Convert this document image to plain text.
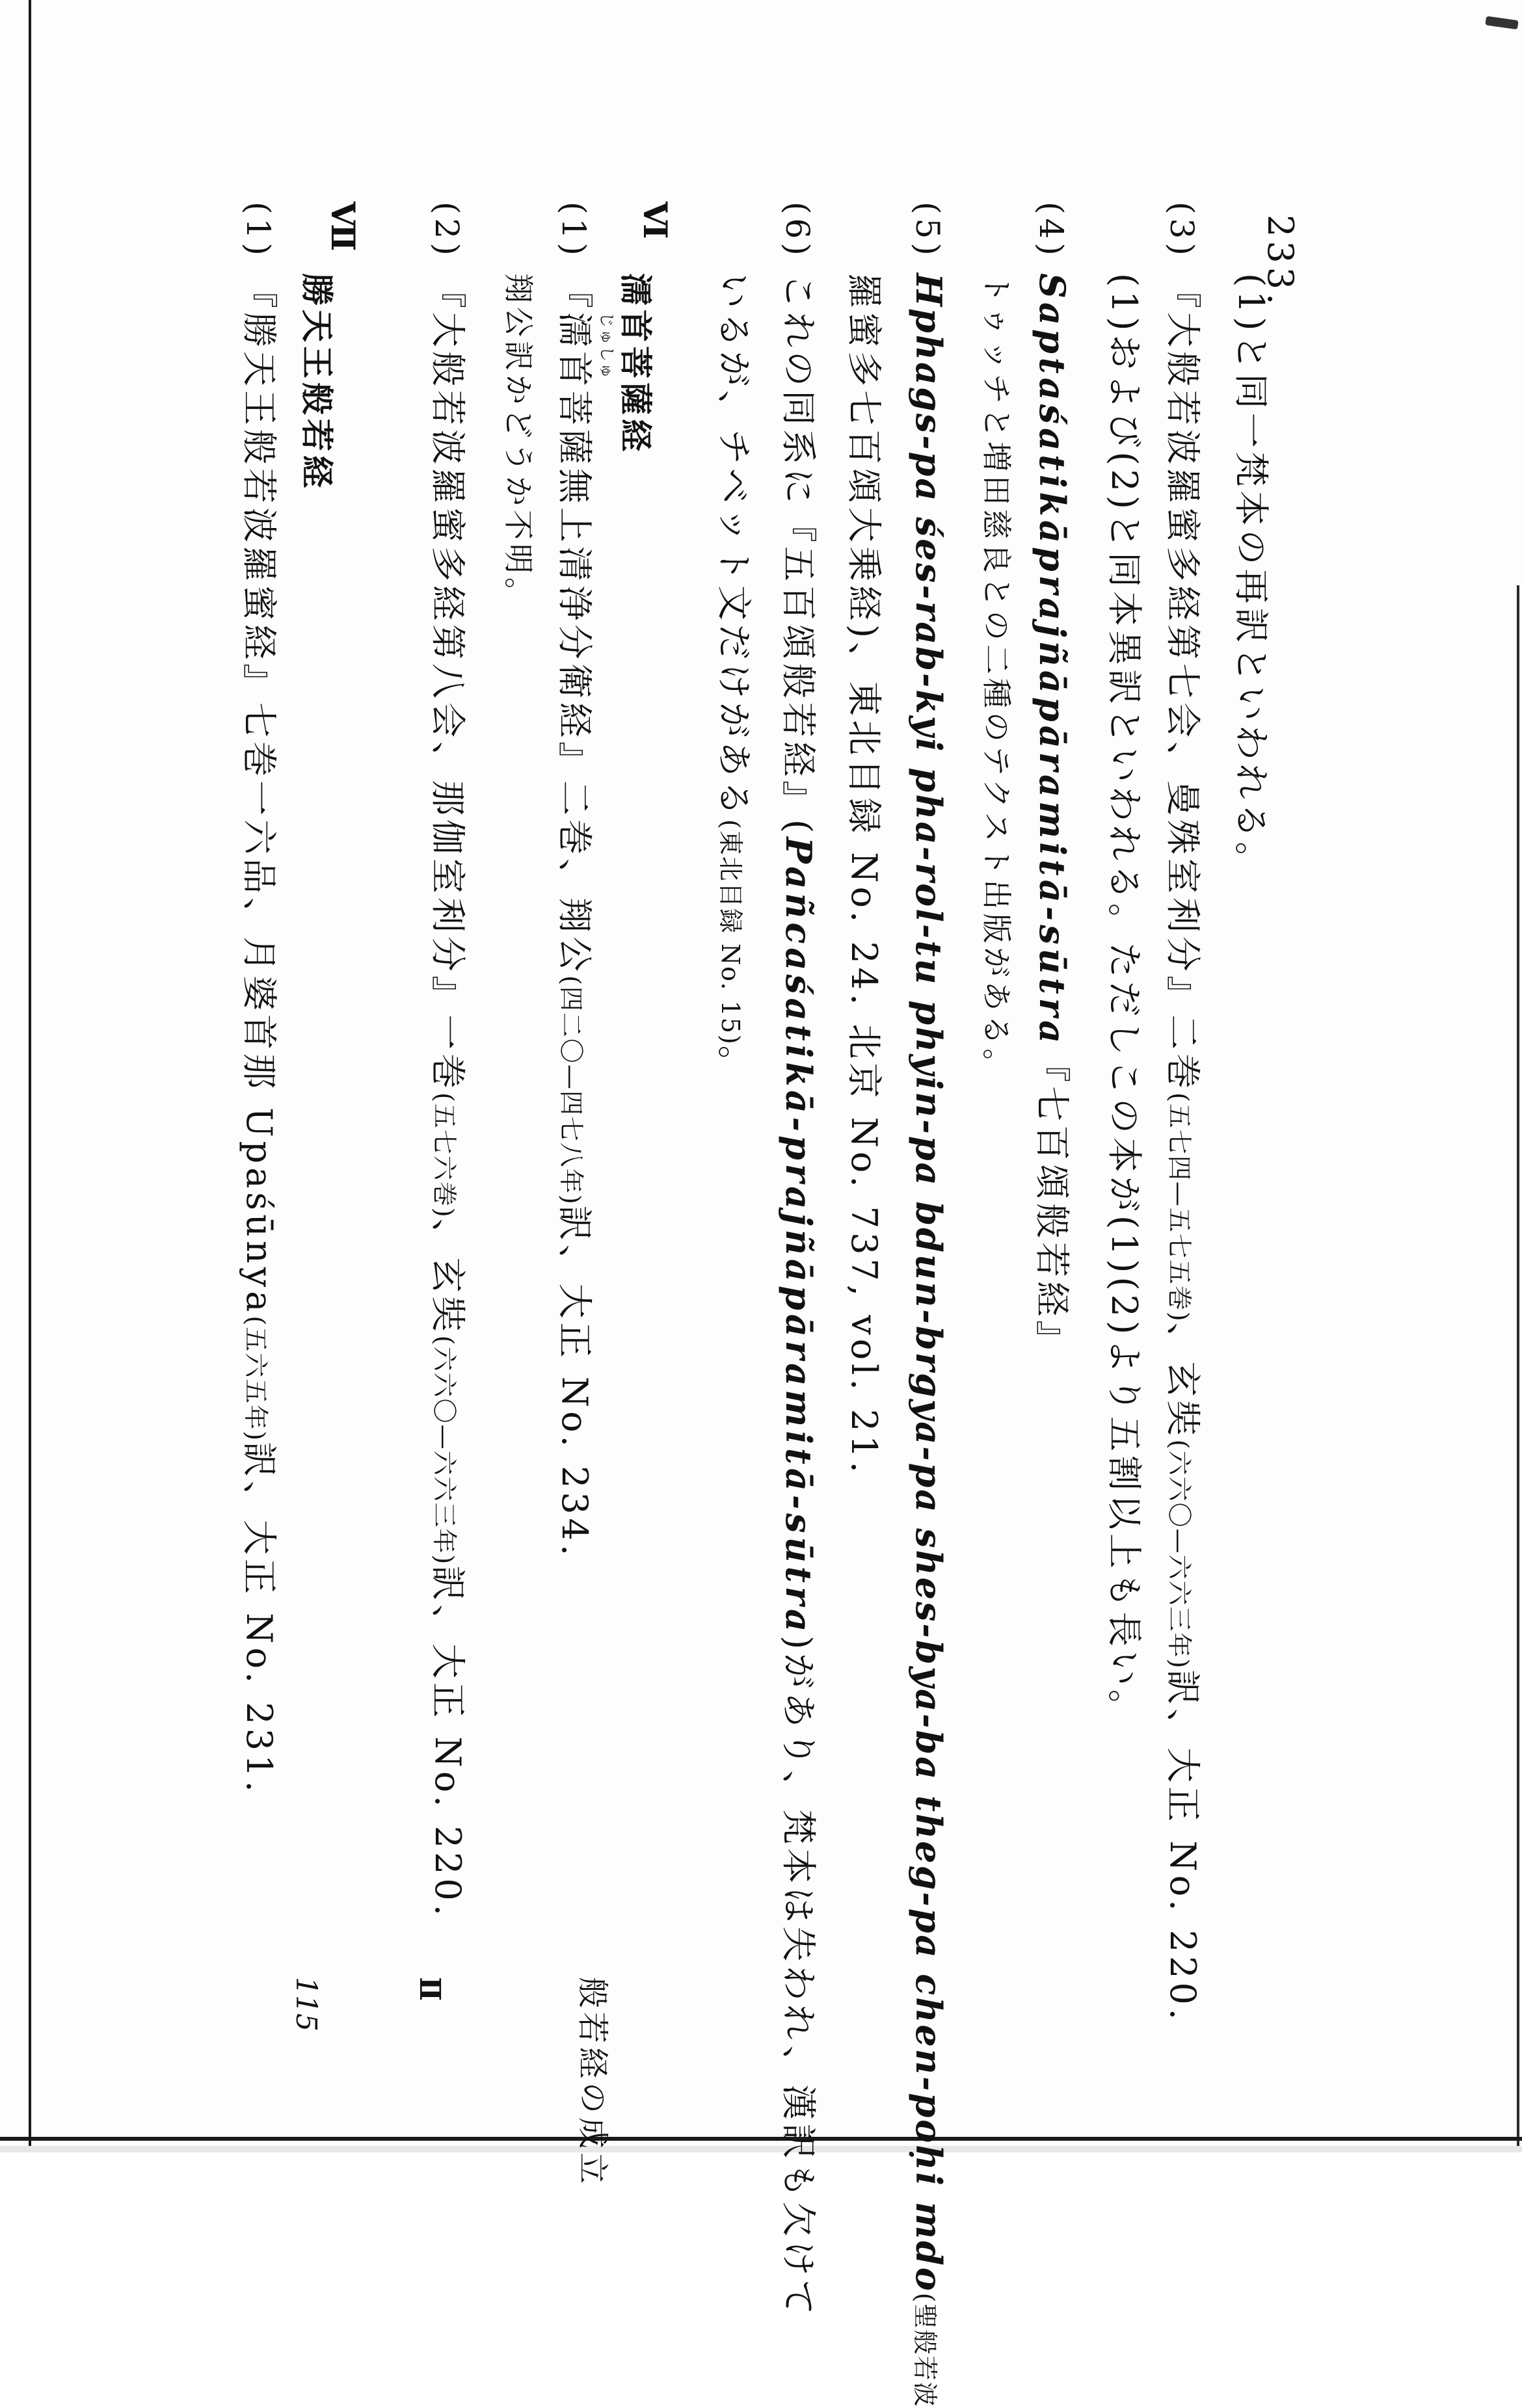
233.
(1)と同一梵本の再訳といわれる。
(3)『大般若波羅蜜多経第七会、曼殊室利分』二巻(五七四—五七五巻)、玄奘(六六〇—六六三年)訳、大正 No. 220.
(1)および(2)と同本異訳といわれる。ただしこの本が(1)(2)より五割以上も長い。
(4)Saptaśatikāprajñāpāramitā-sūtra『七百頌般若経』
トゥッチと増田慈良との二種のテクスト出版がある。
(5)Hphags-pa śes-rab-kyi pha-rol-tu phyin-pa bdun-brgya-pa shes-bya-ba theg-pa chen-poḥi mdo(聖般若波
羅蜜多七百頌大乗経)、東北目録 No. 24. 北京 No. 737, vol. 21.
(6)これの同系に『五百頌般若経』(Pañcaśatikā-prajñāpāramitā-sūtra)があり、梵本は失われ、漢訳も欠けて
いるが、チベット文だけがある(東北目録 No. 15)。
Ⅵ
濡首菩薩経
(1)『
じゅしゅ
濡首菩薩無上清浄分衛経』二巻、翔公(四二〇—四七八年)訳、大正 No. 234.
翔公訳かどうか不明。
(2)『大般若波羅蜜多経第八会、那伽室利分』一巻(五七六巻)、玄奘(六六〇—六六三年)訳、大正 No. 220.
Ⅶ
勝天王般若経
(1)『勝天王般若波羅蜜経』七巻一六品、月婆首那 Upaśūnya(五六五年)訳、大正 No. 231.
115	Ⅱ	般若経の成立
